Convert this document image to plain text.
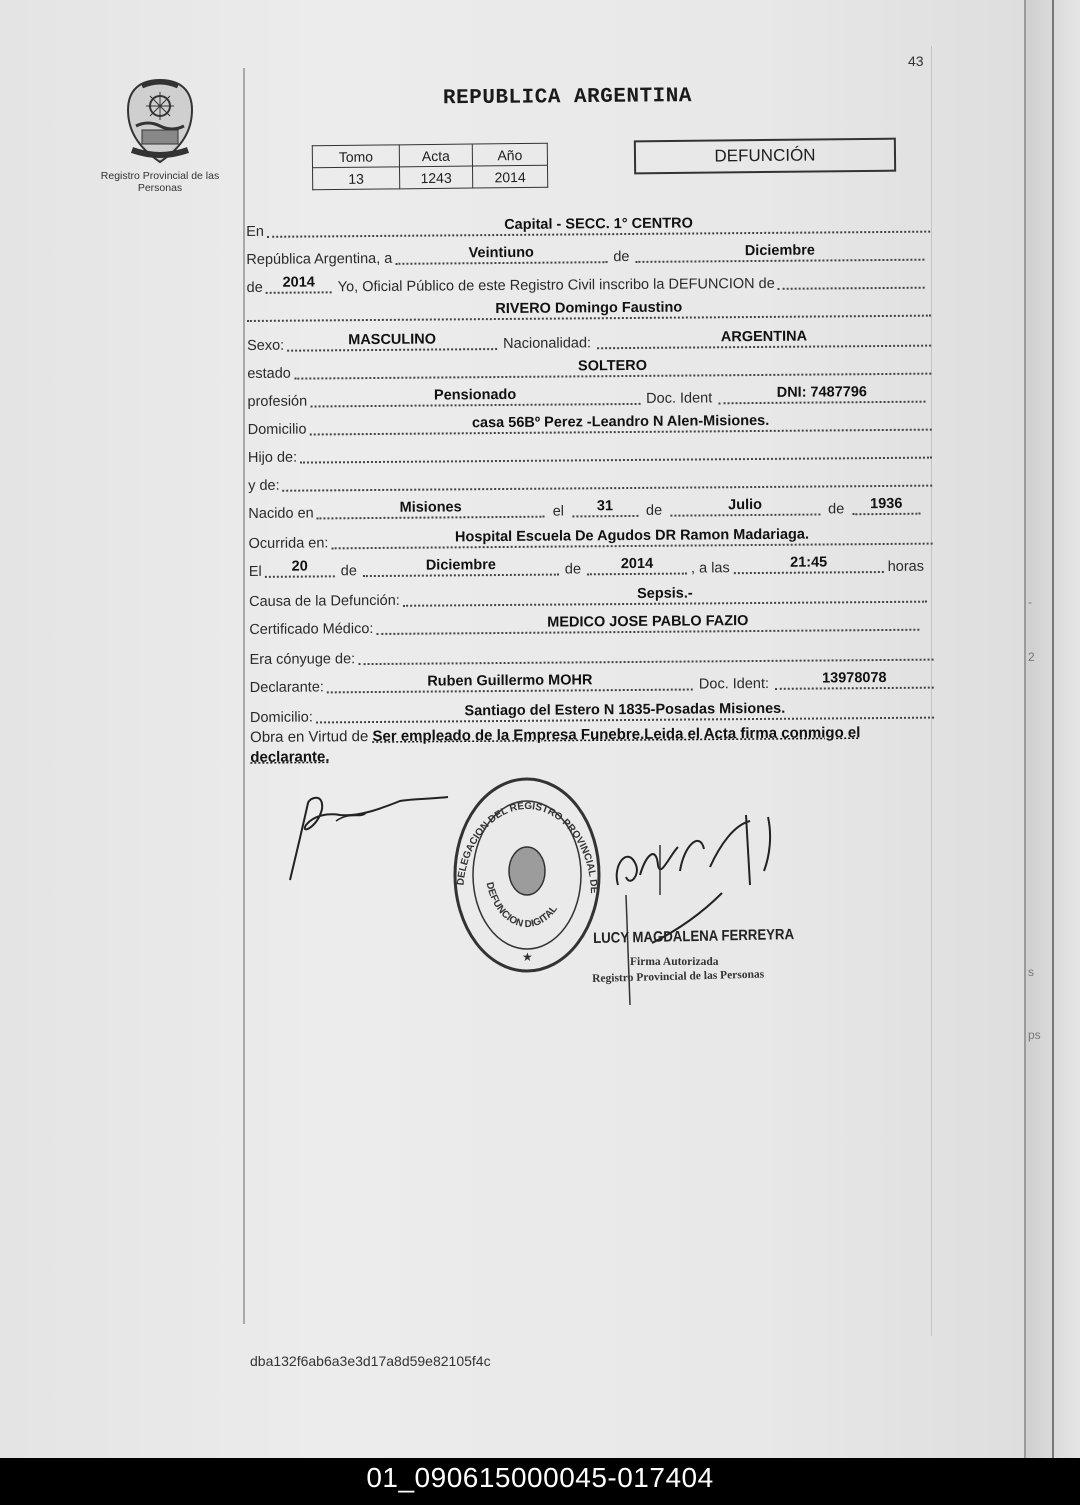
-
2
s
ps
43
Registro Provincial de las Personas
REPUBLICA ARGENTINA
Tomo	Acta	Año
13	1243	2014
DEFUNCIÓN
En	Capital - SECC. 1° CENTRO
República Argentina, a	Veintiuno	de	Diciembre
de	2014	Yo, Oficial Público de este Registro Civil inscribo la DEFUNCION de
RIVERO Domingo Faustino
Sexo:	MASCULINO	Nacionalidad:	ARGENTINA
estado	SOLTERO
profesión	Pensionado	Doc. Ident	DNI: 7487796
Domicilio	casa 56Bº Perez -Leandro N Alen-Misiones.
Hijo de:
y de:
Nacido en	Misiones	el	31	de	Julio	de	1936
Ocurrida en:	Hospital Escuela De Agudos DR Ramon Madariaga.
El	20	de	Diciembre	de	2014	, a las	21:45	horas
Causa de la Defunción:	Sepsis.-
Certificado Médico:	MEDICO JOSE PABLO FAZIO
Era cónyuge de:
Declarante:	Ruben Guillermo MOHR	Doc. Ident:	13978078
Domicilio:	Santiago del Estero N 1835-Posadas Misiones.
Obra en Virtud de Ser empleado de la Empresa Funebre.Leida el Acta firma conmigo el declarante.
DELEGACION DEL REGISTRO PROVINCIAL DE
DEFUNCION DIGITAL
★
LUCY MAGDALENA FERREYRA
Firma Autorizada
Registro Provincial de las Personas
dba132f6ab6a3e3d17a8d59e82105f4c
01_090615000045-017404
